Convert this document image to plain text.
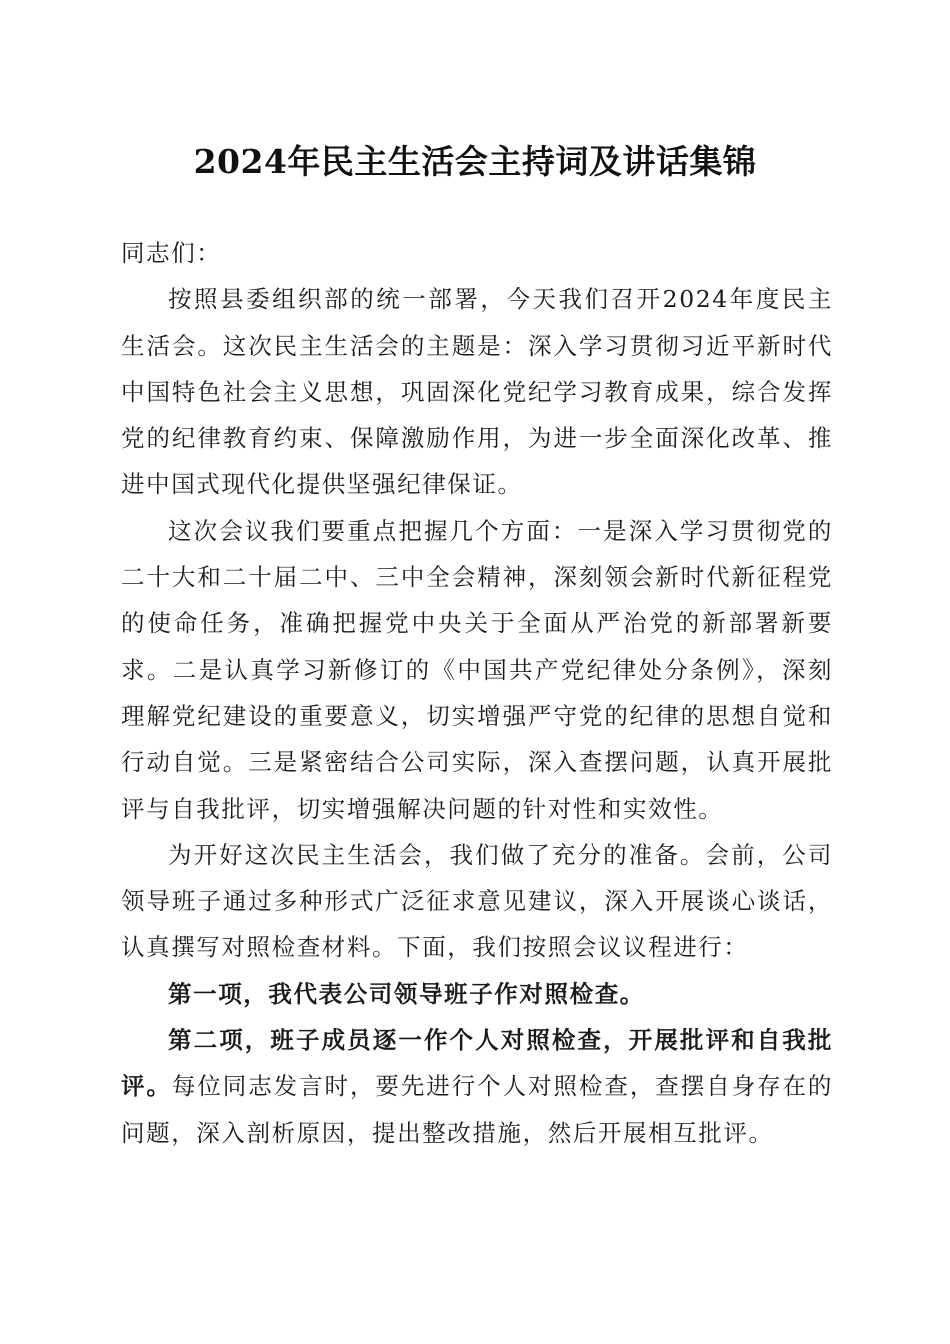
2024年民主生活会主持词及讲话集锦

同志们：

按照县委组织部的统一部署，今天我们召开2024年度民主生活会。这次民主生活会的主题是：深入学习贯彻习近平新时代中国特色社会主义思想，巩固深化党纪学习教育成果，综合发挥党的纪律教育约束、保障激励作用，为进一步全面深化改革、推进中国式现代化提供坚强纪律保证。

这次会议我们要重点把握几个方面：一是深入学习贯彻党的二十大和二十届二中、三中全会精神，深刻领会新时代新征程党的使命任务，准确把握党中央关于全面从严治党的新部署新要求。二是认真学习新修订的《中国共产党纪律处分条例》，深刻理解党纪建设的重要意义，切实增强严守党的纪律的思想自觉和行动自觉。三是紧密结合公司实际，深入查摆问题，认真开展批评与自我批评，切实增强解决问题的针对性和实效性。

为开好这次民主生活会，我们做了充分的准备。会前，公司领导班子通过多种形式广泛征求意见建议，深入开展谈心谈话，认真撰写对照检查材料。下面，我们按照会议议程进行：

第一项，我代表公司领导班子作对照检查。

第二项，班子成员逐一作个人对照检查，开展批评和自我批评。每位同志发言时，要先进行个人对照检查，查摆自身存在的问题，深入剖析原因，提出整改措施，然后开展相互批评。
